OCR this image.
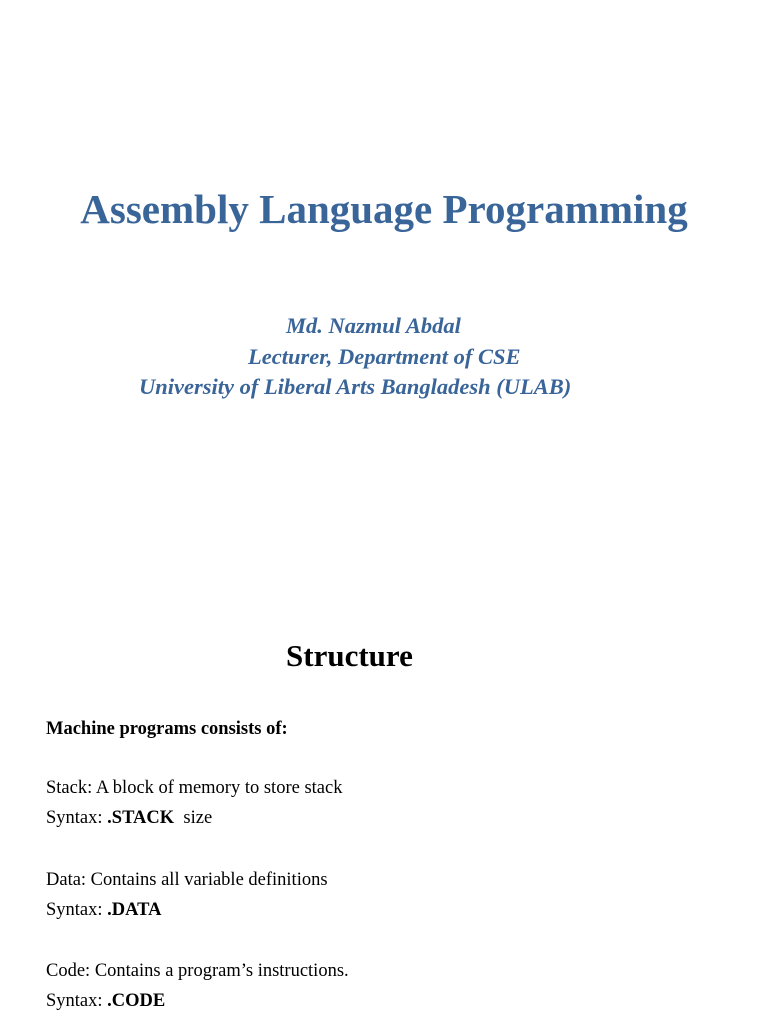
Assembly Language Programming
Md. Nazmul Abdal
Lecturer, Department of CSE
University of Liberal Arts Bangladesh (ULAB)
Structure
Machine programs consists of:
Stack: A block of memory to store stack
Syntax: .STACK  size
Data: Contains all variable definitions
Syntax: .DATA
Code: Contains a program’s instructions.
Syntax: .CODE
